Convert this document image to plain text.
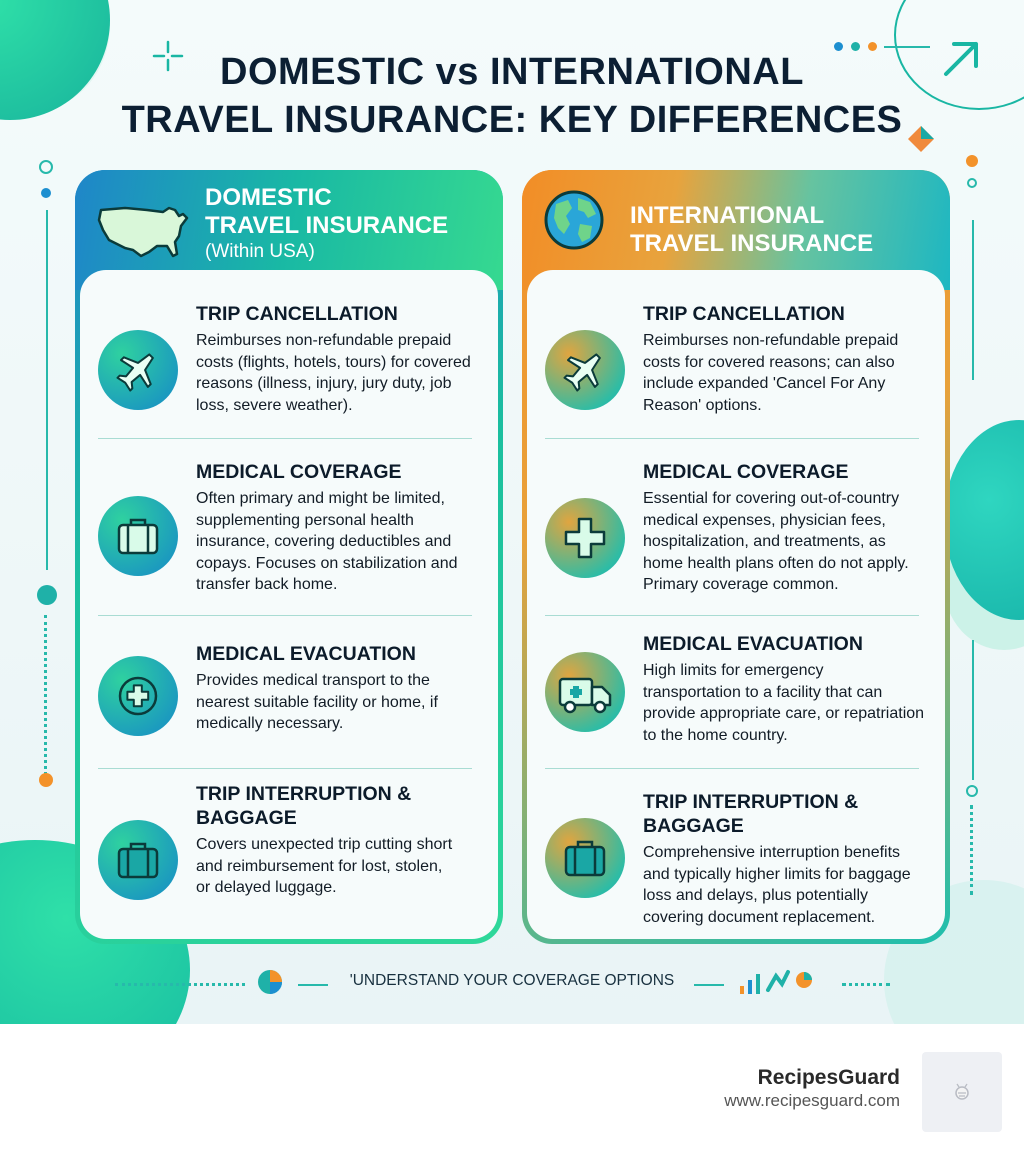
DOMESTIC vs INTERNATIONAL
TRAVEL INSURANCE: KEY DIFFERENCES
DOMESTIC
TRAVEL INSURANCE
(Within USA)
TRIP CANCELLATION
Reimburses non-refundable prepaid costs (flights, hotels, tours) for covered reasons (illness, injury, jury duty, job loss, severe weather).
MEDICAL COVERAGE
Often primary and might be limited, supplementing personal health insurance, covering deductibles and copays. Focuses on stabilization and transfer back home.
MEDICAL EVACUATION
Provides medical transport to the nearest suitable facility or home, if medically necessary.
TRIP INTERRUPTION & BAGGAGE
Covers unexpected trip cutting short and reimbursement for lost, stolen, or delayed luggage.
INTERNATIONAL
TRAVEL INSURANCE
TRIP CANCELLATION
Reimburses non-refundable prepaid costs for covered reasons; can also include expanded 'Cancel For Any Reason' options.
MEDICAL COVERAGE
Essential for covering out-of-country medical expenses, physician fees, hospitalization, and treatments, as home health plans often do not apply. Primary coverage common.
MEDICAL EVACUATION
High limits for emergency transportation to a facility that can provide appropriate care, or repatriation to the home country.
TRIP INTERRUPTION & BAGGAGE
Comprehensive interruption benefits and typically higher limits for baggage loss and delays, plus potentially covering document replacement.
'UNDERSTAND YOUR COVERAGE OPTIONS
RecipesGuard
www.recipesguard.com
